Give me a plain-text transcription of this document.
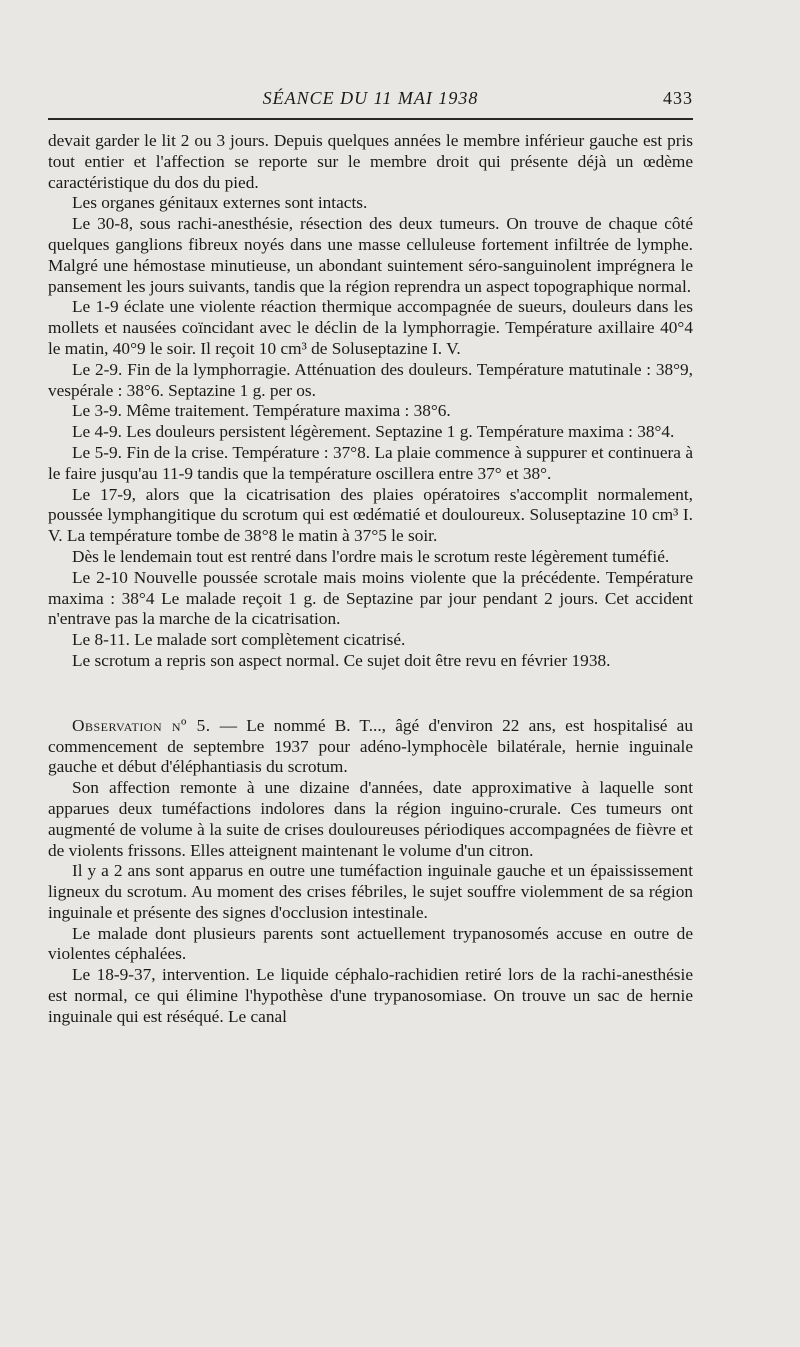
SÉANCE DU 11 MAI 1938	433

devait garder le lit 2 ou 3 jours. Depuis quelques années le membre inférieur gauche est pris tout entier et l'affection se reporte sur le membre droit qui présente déjà un œdème caractéristique du dos du pied.

Les organes génitaux externes sont intacts.

Le 30-8, sous rachi-anesthésie, résection des deux tumeurs. On trouve de chaque côté quelques ganglions fibreux noyés dans une masse celluleuse fortement infiltrée de lymphe. Malgré une hémostase minutieuse, un abondant suintement séro-sanguinolent imprégnera le pansement les jours suivants, tandis que la région reprendra un aspect topographique normal.

Le 1-9 éclate une violente réaction thermique accompagnée de sueurs, douleurs dans les mollets et nausées coïncidant avec le déclin de la lymphorragie. Température axillaire 40°4 le matin, 40°9 le soir. Il reçoit 10 cm³ de Soluseptazine I. V.

Le 2-9. Fin de la lymphorragie. Atténuation des douleurs. Température matutinale : 38°9, vespérale : 38°6. Septazine 1 g. per os.

Le 3-9. Même traitement. Température maxima : 38°6.

Le 4-9. Les douleurs persistent légèrement. Septazine 1 g. Température maxima : 38°4.

Le 5-9. Fin de la crise. Température : 37°8. La plaie commence à suppurer et continuera à le faire jusqu'au 11-9 tandis que la température oscillera entre 37° et 38°.

Le 17-9, alors que la cicatrisation des plaies opératoires s'accomplit normalement, poussée lymphangitique du scrotum qui est œdématié et douloureux. Soluseptazine 10 cm³ I. V. La température tombe de 38°8 le matin à 37°5 le soir.

Dès le lendemain tout est rentré dans l'ordre mais le scrotum reste légèrement tuméfié.

Le 2-10 Nouvelle poussée scrotale mais moins violente que la précédente. Température maxima : 38°4 Le malade reçoit 1 g. de Septazine par jour pendant 2 jours. Cet accident n'entrave pas la marche de la cicatrisation.

Le 8-11. Le malade sort complètement cicatrisé.

Le scrotum a repris son aspect normal. Ce sujet doit être revu en février 1938.

Observation nº 5. — Le nommé B. T..., âgé d'environ 22 ans, est hospitalisé au commencement de septembre 1937 pour adéno-lymphocèle bilatérale, hernie inguinale gauche et début d'éléphantiasis du scrotum.

Son affection remonte à une dizaine d'années, date approximative à laquelle sont apparues deux tuméfactions indolores dans la région inguino-crurale. Ces tumeurs ont augmenté de volume à la suite de crises douloureuses périodiques accompagnées de fièvre et de violents frissons. Elles atteignent maintenant le volume d'un citron.

Il y a 2 ans sont apparus en outre une tuméfaction inguinale gauche et un épaississement ligneux du scrotum. Au moment des crises fébriles, le sujet souffre violemment de sa région inguinale et présente des signes d'occlusion intestinale.

Le malade dont plusieurs parents sont actuellement trypanosomés accuse en outre de violentes céphalées.

Le 18-9-37, intervention. Le liquide céphalo-rachidien retiré lors de la rachi-anesthésie est normal, ce qui élimine l'hypothèse d'une trypanosomiase. On trouve un sac de hernie inguinale qui est réséqué. Le canal
